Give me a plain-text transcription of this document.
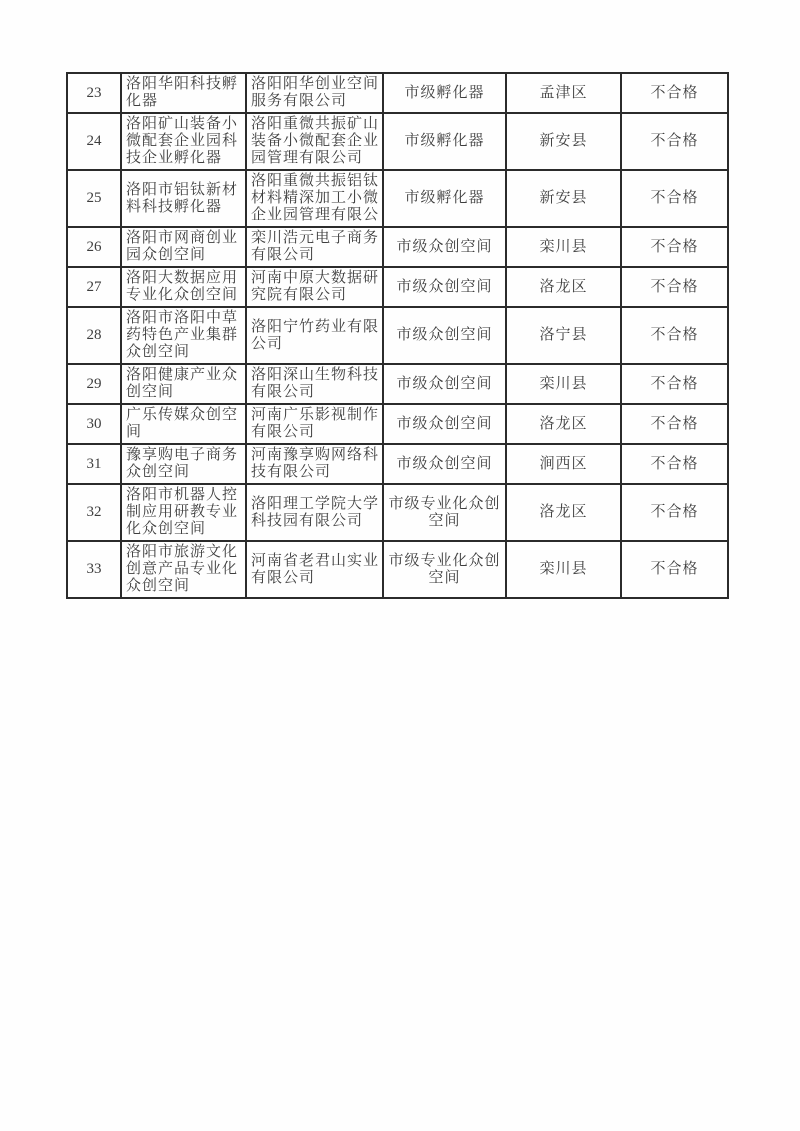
23	洛阳华阳科技孵化器	洛阳阳华创业空间服务有限公司	市级孵化器	孟津区	不合格
24	洛阳矿山装备小微配套企业园科技企业孵化器	洛阳重微共振矿山装备小微配套企业园管理有限公司	市级孵化器	新安县	不合格
25	洛阳市铝钛新材料科技孵化器	洛阳重微共振铝钛材料精深加工小微企业园管理有限公	市级孵化器	新安县	不合格
26	洛阳市网商创业园众创空间	栾川浩元电子商务有限公司	市级众创空间	栾川县	不合格
27	洛阳大数据应用专业化众创空间	河南中原大数据研究院有限公司	市级众创空间	洛龙区	不合格
28	洛阳市洛阳中草药特色产业集群众创空间	洛阳宁竹药业有限公司	市级众创空间	洛宁县	不合格
29	洛阳健康产业众创空间	洛阳深山生物科技有限公司	市级众创空间	栾川县	不合格
30	广乐传媒众创空间	河南广乐影视制作有限公司	市级众创空间	洛龙区	不合格
31	豫享购电子商务众创空间	河南豫享购网络科技有限公司	市级众创空间	涧西区	不合格
32	洛阳市机器人控制应用研教专业化众创空间	洛阳理工学院大学科技园有限公司	市级专业化众创空间	洛龙区	不合格
33	洛阳市旅游文化创意产品专业化众创空间	河南省老君山实业有限公司	市级专业化众创空间	栾川县	不合格
